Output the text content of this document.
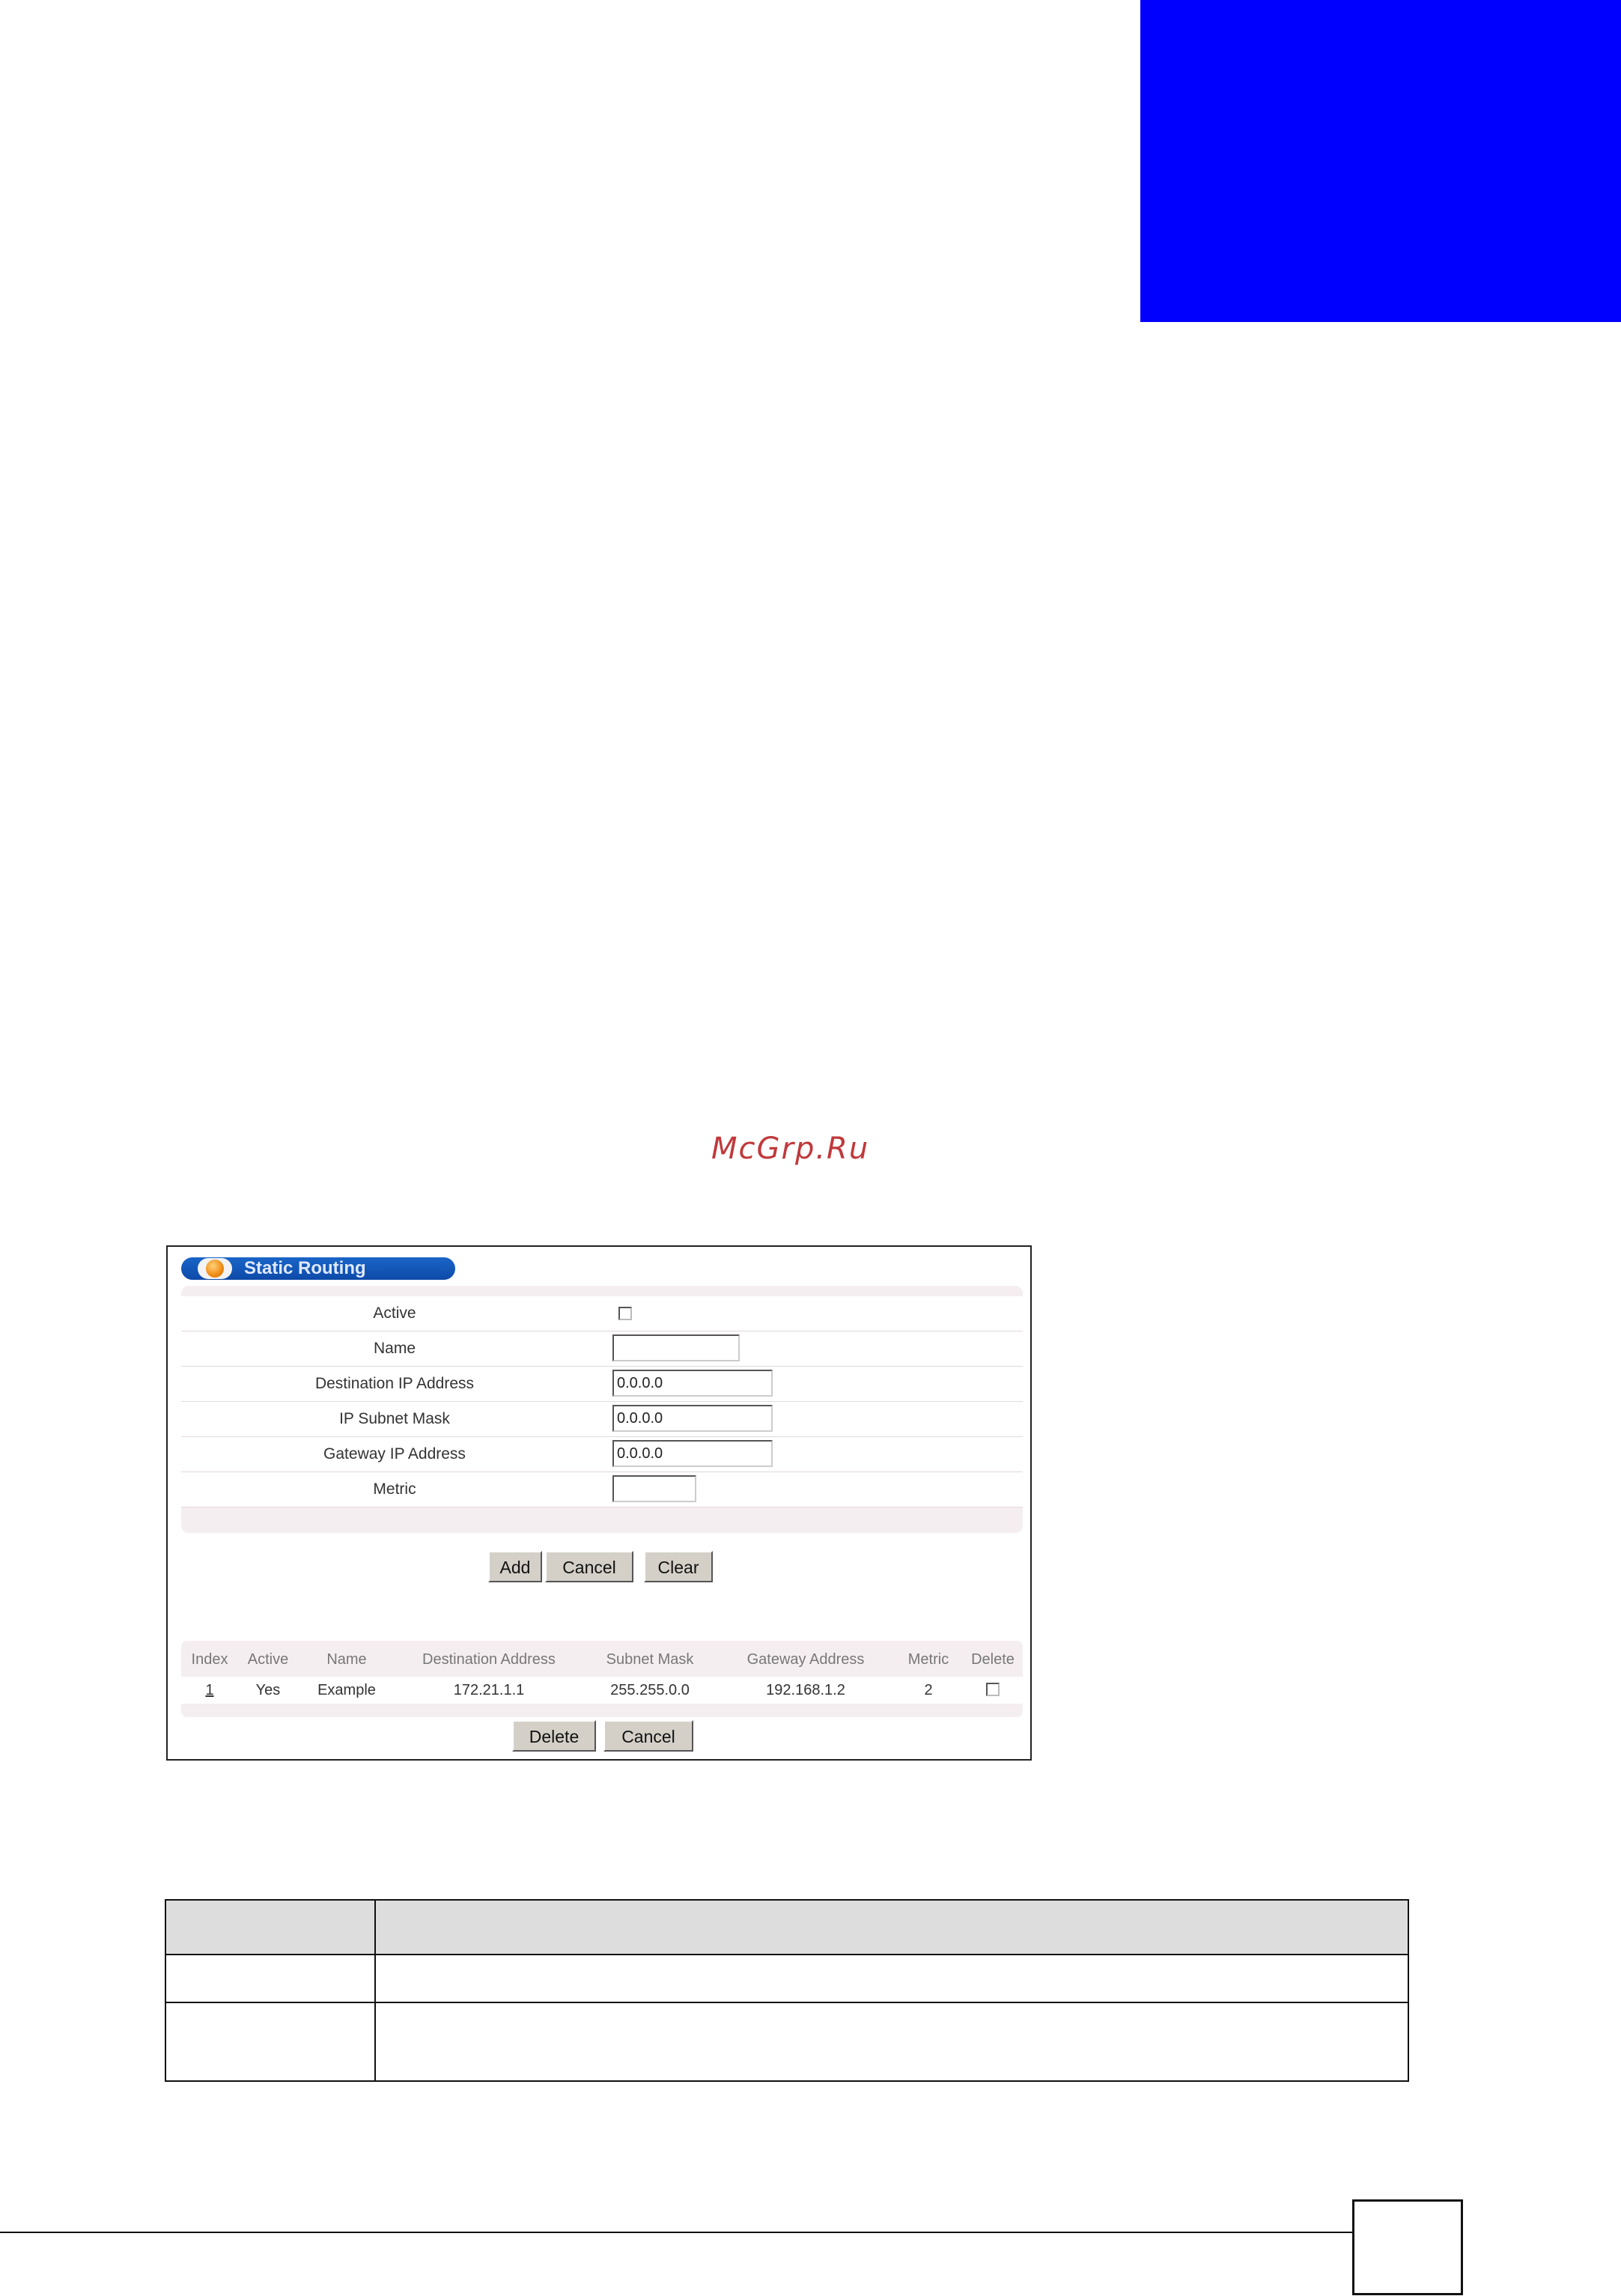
McGrp.Ru
Static Routing
Active
Name
Destination IP Address	0.0.0.0
IP Subnet Mask	0.0.0.0
Gateway IP Address	0.0.0.0
Metric
Add	Cancel	Clear
Index	Active	Name	Destination Address	Subnet Mask	Gateway Address	Metric	Delete
1	Yes	Example	172.21.1.1	255.255.0.0	192.168.1.2	2
Delete	Cancel
